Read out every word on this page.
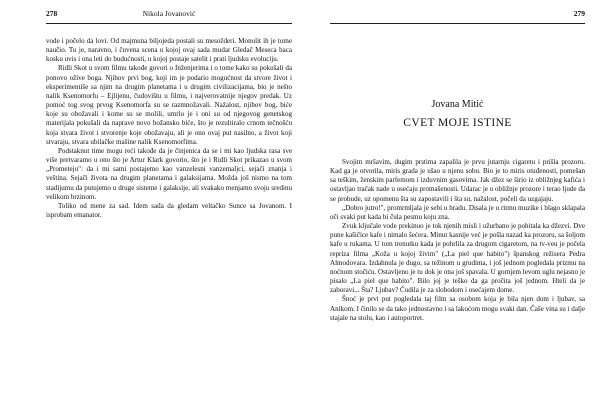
278	Nikola Jovanović

vode i počelo da lovi. Od majmuna biljojeda postali su mesožderi. Monolit ih je tome naučio. Tu je, naravno, i čuvena scena u kojoj ovaj sada mudar Gledač Meseca baca kosku uvis i ona leti do budućnosti, u kojoj postaje satelit i prati ljudsku evoluciju.

Ridli Skot u svom filmu takođe govori o Inženjerima i o tome kako su pokušali da ponovo ožive boga. Njihov prvi bog, koji im je podario mogućnost da stvore život i eksperimentiše sa njim na drugim planetama i u drugim civilizacijama, bio je nešto nalik Ksenomorfu – Ejlijenu, čudovištu u filmu, i najverovatnije njegov predak. Uz pomoć tog svog prvog Ksenomorfa su se razmnožavali. Nažalost, njihov bog, biće koje su obožavali i kome su se molili, umrlo je i oni su od njegovog genetskog materijala pokušali da naprave novo božansko biće, što je rezultiralo crnom tečnošću koja stvara život i stvorenje koje obožavaju, ali je ono ovaj put nasilno, a život koji stvaraju, stvara ubilačke mašine nalik Ksenomorfima.

Podstaknut time mogu reći takođe da je činjenica da se i mi kao ljudska rasa sve više pretvaramo u ono što je Artur Klark govorio, što je i Ridli Skot prikazao u svom „Prometeju": da i mi sami postajemo kao vanzelesni vanzemaljci, sejači znanja i veština. Sejači života na drugim planetama i galaksijama. Možda još nismo na tom stadijumu da putujemo u druge sisteme i galaksije, ali svakako menjamo svoju sredinu velikom brzinom.

Toliko od mene za sad. Idem sada da gledam veltačko Sunce sa Jovanom. I isprobam emanator.

279
Jovana Mitić
CVET MOJE ISTINE

Svojim mršavim, dugim prstima zapalila je prvu jutarnju cigaretu i prišla prozoru. Kad ga je otvorila, miris grada je ušao u njenu sobu. Bio je to miris otuđenosti, pomešan sa teškim, ženskim parfemom i izduvnim gasovima. Jak džez se širio iz obližnjeg kafića i ostavljao tračak nade u osećaju promašenosti. Udarac je u obližnje prozore i terao ljude da se probude, uz opomenu šta su zapostavili i šta su, nažalost, počeli da uzgajaju.

„Dobro jutro!", promrmljala je sebi u bradu. Disala je u ritmu muzike i blago sklapala oči svaki put kada bi čula pesmu koju zna.

Zvuk ključale vode prekinuo je tok njenih misli i užurbano je pohitala ka džezvi. Dve pune kašičice kafe i nimalo šećera. Minut kasnije već je pošla nazad ka prozoru, sa šoljom kafe u rukama. U tom trenutku kada je pohrlila za drugom cigaretom, na tv-veu je počela repriza filma „Koža u kojoj živim" („La piel que habito") španskog režisera Pedra Almodovara. Izdahnula je dugo, sa težinom u grudima, i još jednom pogledala prizmu na noćnom stočiću. Ostavljeno je tu dok je ona još spavala. U gornjem levom uglu nejasno je pisalo „La piel que habito". Bilo joj je teško da ga pročita još jednom. Hteli da je zaboravi... Šta? Ljubav? Čudila je za slobodom i osećajem dome.

Šnoć je prvi put pogledala taj film sa osobom koja je bila njen dom i ljubav, sa Anikom. I činilo se da tako jednostavno i sa lakoćom mogu svaki dan. Čaše vina su i dalje stajale na stolu, kao i autoportret.
